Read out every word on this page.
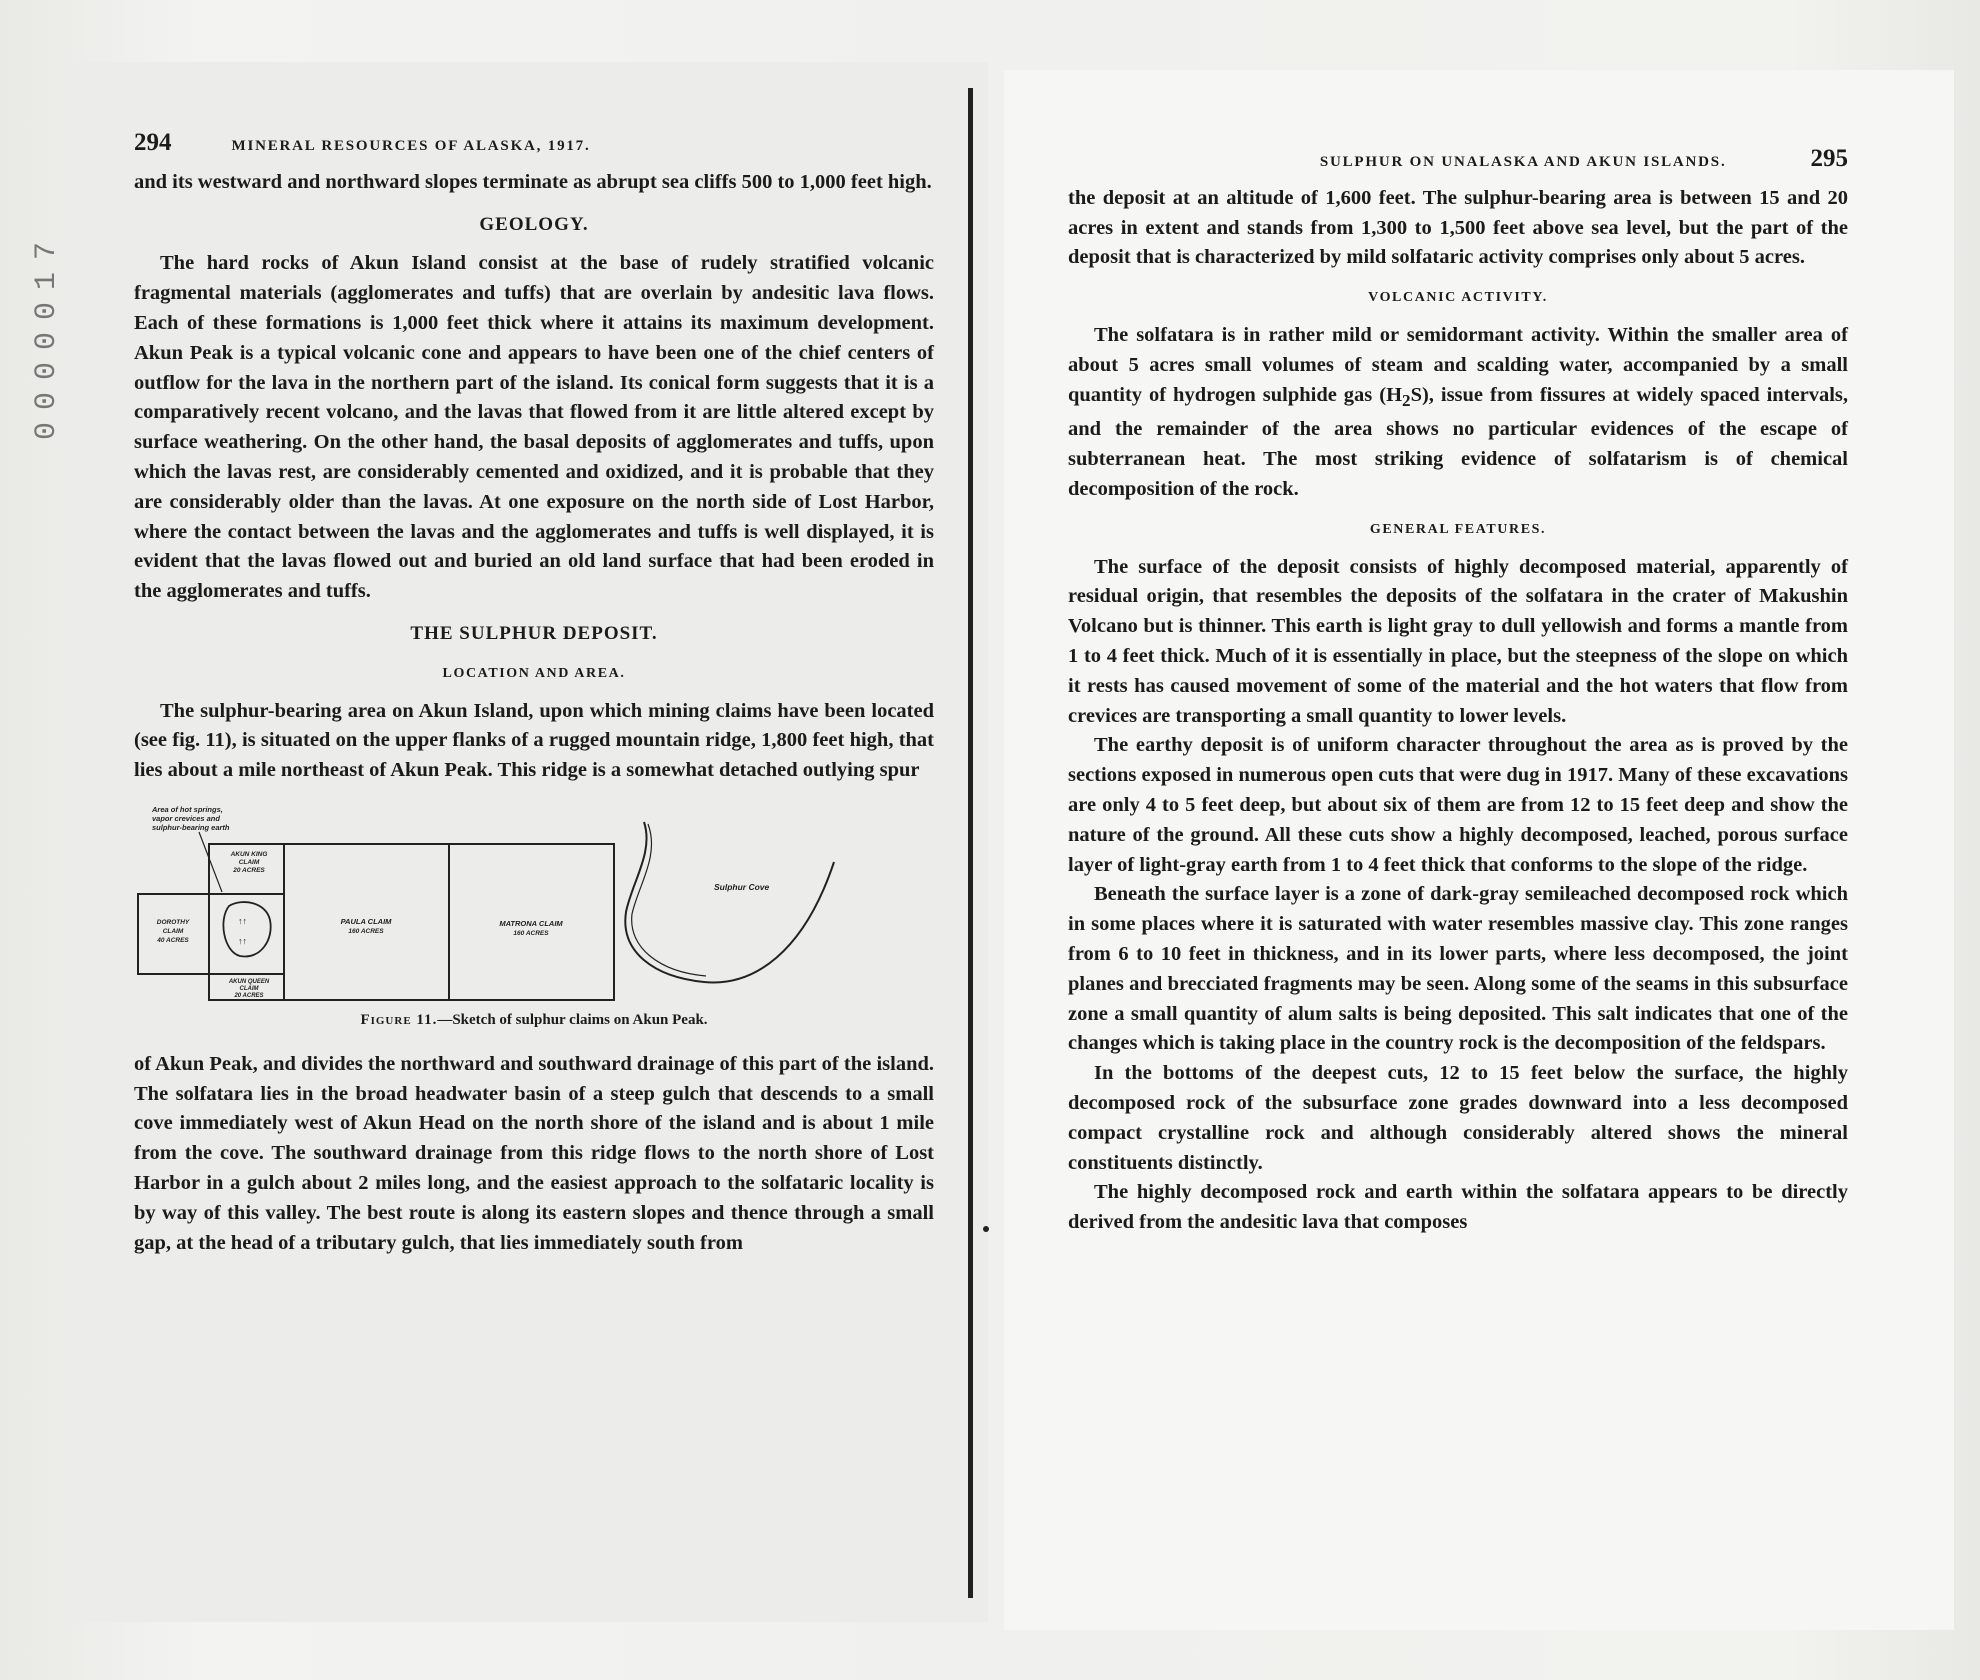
0000017
294	MINERAL RESOURCES OF ALASKA, 1917.

and its westward and northward slopes terminate as abrupt sea cliffs 500 to 1,000 feet high.

GEOLOGY.

The hard rocks of Akun Island consist at the base of rudely stratified volcanic fragmental materials (agglomerates and tuffs) that are overlain by andesitic lava flows. Each of these formations is 1,000 feet thick where it attains its maximum development. Akun Peak is a typical volcanic cone and appears to have been one of the chief centers of outflow for the lava in the northern part of the island. Its conical form suggests that it is a comparatively recent volcano, and the lavas that flowed from it are little altered except by surface weathering. On the other hand, the basal deposits of agglomerates and tuffs, upon which the lavas rest, are considerably cemented and oxidized, and it is probable that they are considerably older than the lavas. At one exposure on the north side of Lost Harbor, where the contact between the lavas and the agglomerates and tuffs is well displayed, it is evident that the lavas flowed out and buried an old land surface that had been eroded in the agglomerates and tuffs.

THE SULPHUR DEPOSIT.
LOCATION AND AREA.

The sulphur-bearing area on Akun Island, upon which mining claims have been located (see fig. 11), is situated on the upper flanks of a rugged mountain ridge, 1,800 feet high, that lies about a mile northeast of Akun Peak. This ridge is a somewhat detached outlying spur

Area of hot springs,
vapor crevices and
sulphur-bearing earth
AKUN KING
CLAIM
20 ACRES
DOROTHY
CLAIM
40 ACRES
↑↑
↑↑
AKUN QUEEN
CLAIM
20 ACRES
PAULA CLAIM
160 ACRES
MATRONA CLAIM
160 ACRES
Sulphur Cove
Figure 11.—Sketch of sulphur claims on Akun Peak.

of Akun Peak, and divides the northward and southward drainage of this part of the island. The solfatara lies in the broad headwater basin of a steep gulch that descends to a small cove immediately west of Akun Head on the north shore of the island and is about 1 mile from the cove. The southward drainage from this ridge flows to the north shore of Lost Harbor in a gulch about 2 miles long, and the easiest approach to the solfataric locality is by way of this valley. The best route is along its eastern slopes and thence through a small gap, at the head of a tributary gulch, that lies immediately south from

SULPHUR ON UNALASKA AND AKUN ISLANDS.	295

the deposit at an altitude of 1,600 feet. The sulphur-bearing area is between 15 and 20 acres in extent and stands from 1,300 to 1,500 feet above sea level, but the part of the deposit that is characterized by mild solfataric activity comprises only about 5 acres.

VOLCANIC ACTIVITY.

The solfatara is in rather mild or semidormant activity. Within the smaller area of about 5 acres small volumes of steam and scalding water, accompanied by a small quantity of hydrogen sulphide gas $(H_2S)$, issue from fissures at widely spaced intervals, and the remainder of the area shows no particular evidences of the escape of subterranean heat. The most striking evidence of solfatarism is of chemical decomposition of the rock.

GENERAL FEATURES.

The surface of the deposit consists of highly decomposed material, apparently of residual origin, that resembles the deposits of the solfatara in the crater of Makushin Volcano but is thinner. This earth is light gray to dull yellowish and forms a mantle from 1 to 4 feet thick. Much of it is essentially in place, but the steepness of the slope on which it rests has caused movement of some of the material and the hot waters that flow from crevices are transporting a small quantity to lower levels.

The earthy deposit is of uniform character throughout the area as is proved by the sections exposed in numerous open cuts that were dug in 1917. Many of these excavations are only 4 to 5 feet deep, but about six of them are from 12 to 15 feet deep and show the nature of the ground. All these cuts show a highly decomposed, leached, porous surface layer of light-gray earth from 1 to 4 feet thick that conforms to the slope of the ridge.

Beneath the surface layer is a zone of dark-gray semileached decomposed rock which in some places where it is saturated with water resembles massive clay. This zone ranges from 6 to 10 feet in thickness, and in its lower parts, where less decomposed, the joint planes and brecciated fragments may be seen. Along some of the seams in this subsurface zone a small quantity of alum salts is being deposited. This salt indicates that one of the changes which is taking place in the country rock is the decomposition of the feldspars.

In the bottoms of the deepest cuts, 12 to 15 feet below the surface, the highly decomposed rock of the subsurface zone grades downward into a less decomposed compact crystalline rock and although considerably altered shows the mineral constituents distinctly.

The highly decomposed rock and earth within the solfatara appears to be directly derived from the andesitic lava that composes
